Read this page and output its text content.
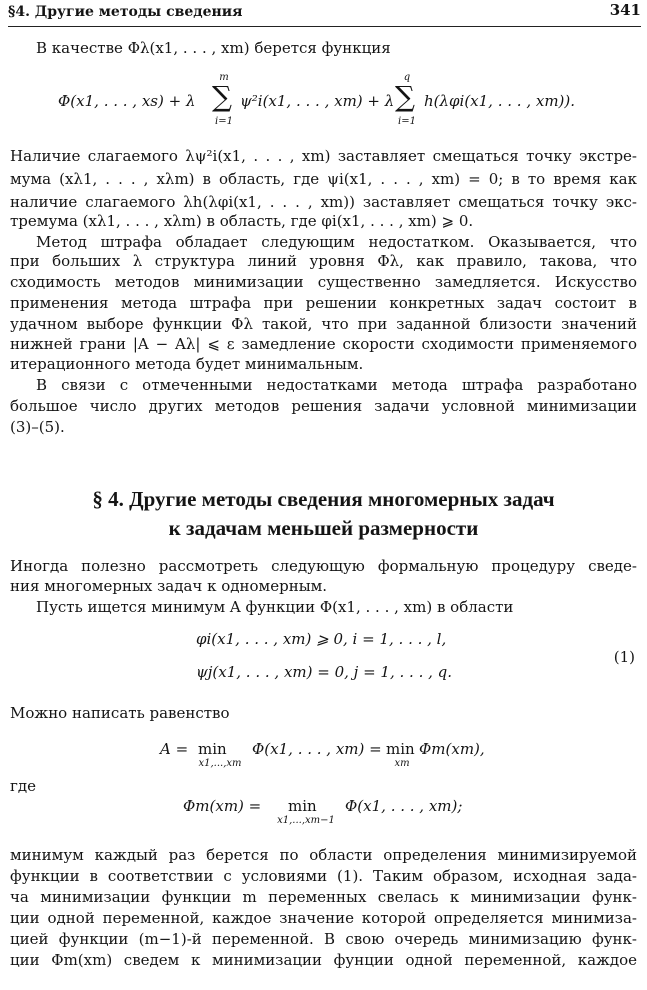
§4. Другие методы сведения	341
В качестве Φλ(x1, . . . , xm) берется функция
Φ(x1, . . . , xs) + λ
m
∑
i=1
ψ²i(x1, . . . , xm) + λ
q
∑
i=1
h(λφi(x1, . . . , xm)).
Наличие слагаемого λψ²i(x1, . . . , xm) заставляет смещаться точку экстре-
мума (xλ1, . . . , xλm) в область, где ψi(x1, . . . , xm) = 0; в то время как
наличие слагаемого λh(λφi(x1, . . . , xm)) заставляет смещаться точку экс-
тремума (xλ1, . . . , xλm) в область, где φi(x1, . . . , xm) ⩾ 0.
Метод штрафа обладает следующим недостатком. Оказывается, что
при больших λ структура линий уровня Φλ, как правило, такова, что
сходимость методов минимизации существенно замедляется. Искусство
применения метода штрафа при решении конкретных задач состоит в
удачном выборе функции Φλ такой, что при заданной близости значений
нижней грани |A − Aλ| ⩽ ε замедление скорости сходимости применяемого
итерационного метода будет минимальным.
В связи с отмеченными недостатками метода штрафа разработано
большое число других методов решения задачи условной минимизации
(3)–(5).
§ 4. Другие методы сведения многомерных задач
к задачам меньшей размерности
Иногда полезно рассмотреть следующую формальную процедуру сведе-
ния многомерных задач к одномерным.
Пусть ищется минимум A функции Φ(x1, . . . , xm) в области
φi(x1, . . . , xm) ⩾ 0, i = 1, . . . , l,
ψj(x1, . . . , xm) = 0, j = 1, . . . , q.
(1)
Можно написать равенство
A = min
x1,...,xm
Φ(x1, . . . , xm) = min
xm
Φm(xm),
где
Φm(xm) = min
x1,...,xm−1
Φ(x1, . . . , xm);
минимум каждый раз берется по области определения минимизируемой
функции в соответствии с условиями (1). Таким образом, исходная зада-
ча минимизации функции m переменных свелась к минимизации функ-
ции одной переменной, каждое значение которой определяется минимиза-
цией функции (m−1)-й переменной. В свою очередь минимизацию функ-
ции Φm(xm) сведем к минимизации фунции одной переменной, каждое
